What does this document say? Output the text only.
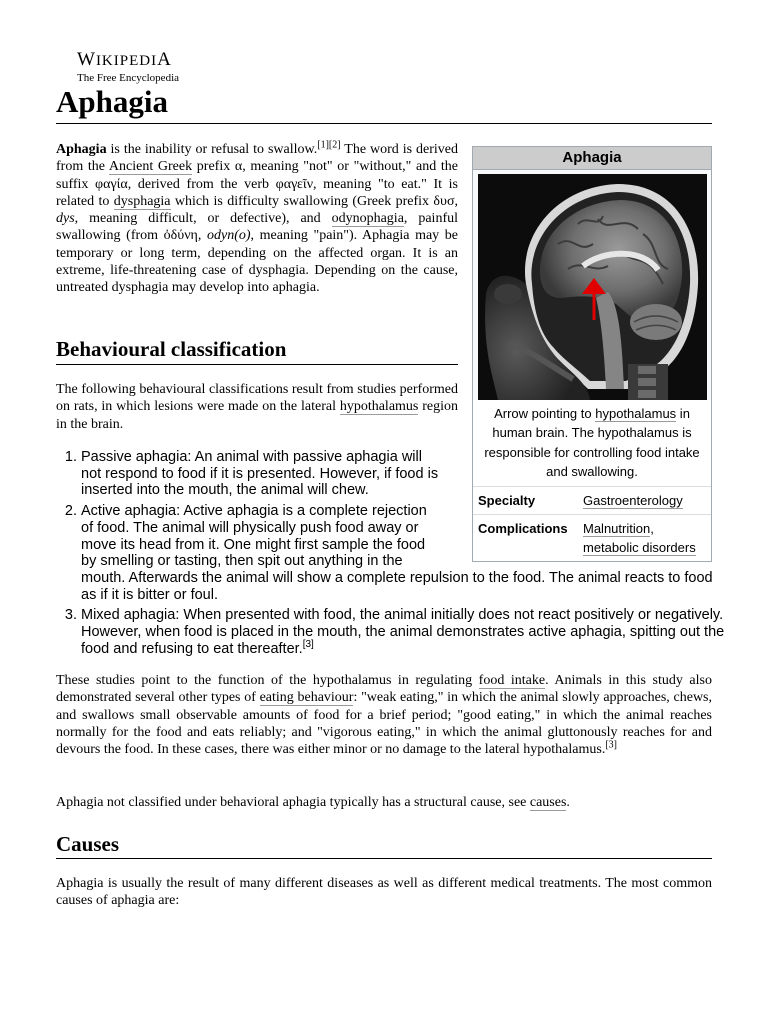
WIKIPEDIA
The Free Encyclopedia
Aphagia

Aphagia is the inability or refusal to swallow.[1][2] The word is derived from the Ancient Greek prefix α, meaning "not" or "without," and the suffix φαγία, derived from the verb φαγεῖν, meaning "to eat." It is related to dysphagia which is difficulty swallowing (Greek prefix δυσ, dys, meaning difficult, or defective), and odynophagia, painful swallowing (from ὀδύνη, odyn(o), meaning "pain"). Aphagia may be temporary or long term, depending on the affected organ. It is an extreme, life-threatening case of dysphagia. Depending on the cause, untreated dysphagia may develop into aphagia.

Aphagia
Arrow pointing to hypothalamus in human brain. The hypothalamus is responsible for controlling food intake and swallowing.
Specialty	Gastroenterology
Complications	Malnutrition,
metabolic disorders
Behavioural classification

The following behavioural classifications result from studies performed on rats, in which lesions were made on the lateral hypothalamus region in the brain.

1. Passive aphagia: An animal with passive aphagia will
not respond to food if it is presented. However, if food is
inserted into the mouth, the animal will chew.
2. Active aphagia: Active aphagia is a complete rejection
of food. The animal will physically push food away or
move its head from it. One might first sample the food
by smelling or tasting, then spit out anything in the
mouth. Afterwards the animal will show a complete repulsion to the food. The animal reacts to food as if it is bitter or foul.
3. Mixed aphagia: When presented with food, the animal initially does not react positively or negatively. However, when food is placed in the mouth, the animal demonstrates active aphagia, spitting out the food and refusing to eat thereafter.[3]

These studies point to the function of the hypothalamus in regulating food intake. Animals in this study also demonstrated several other types of eating behaviour: "weak eating," in which the animal slowly approaches, chews, and swallows small observable amounts of food for a brief period; "good eating," in which the animal reaches normally for the food and eats reliably; and "vigorous eating," in which the animal gluttonously reaches for and devours the food. In these cases, there was either minor or no damage to the lateral hypothalamus.[3]

Aphagia not classified under behavioral aphagia typically has a structural cause, see causes.

Causes

Aphagia is usually the result of many different diseases as well as different medical treatments. The most common causes of aphagia are:
